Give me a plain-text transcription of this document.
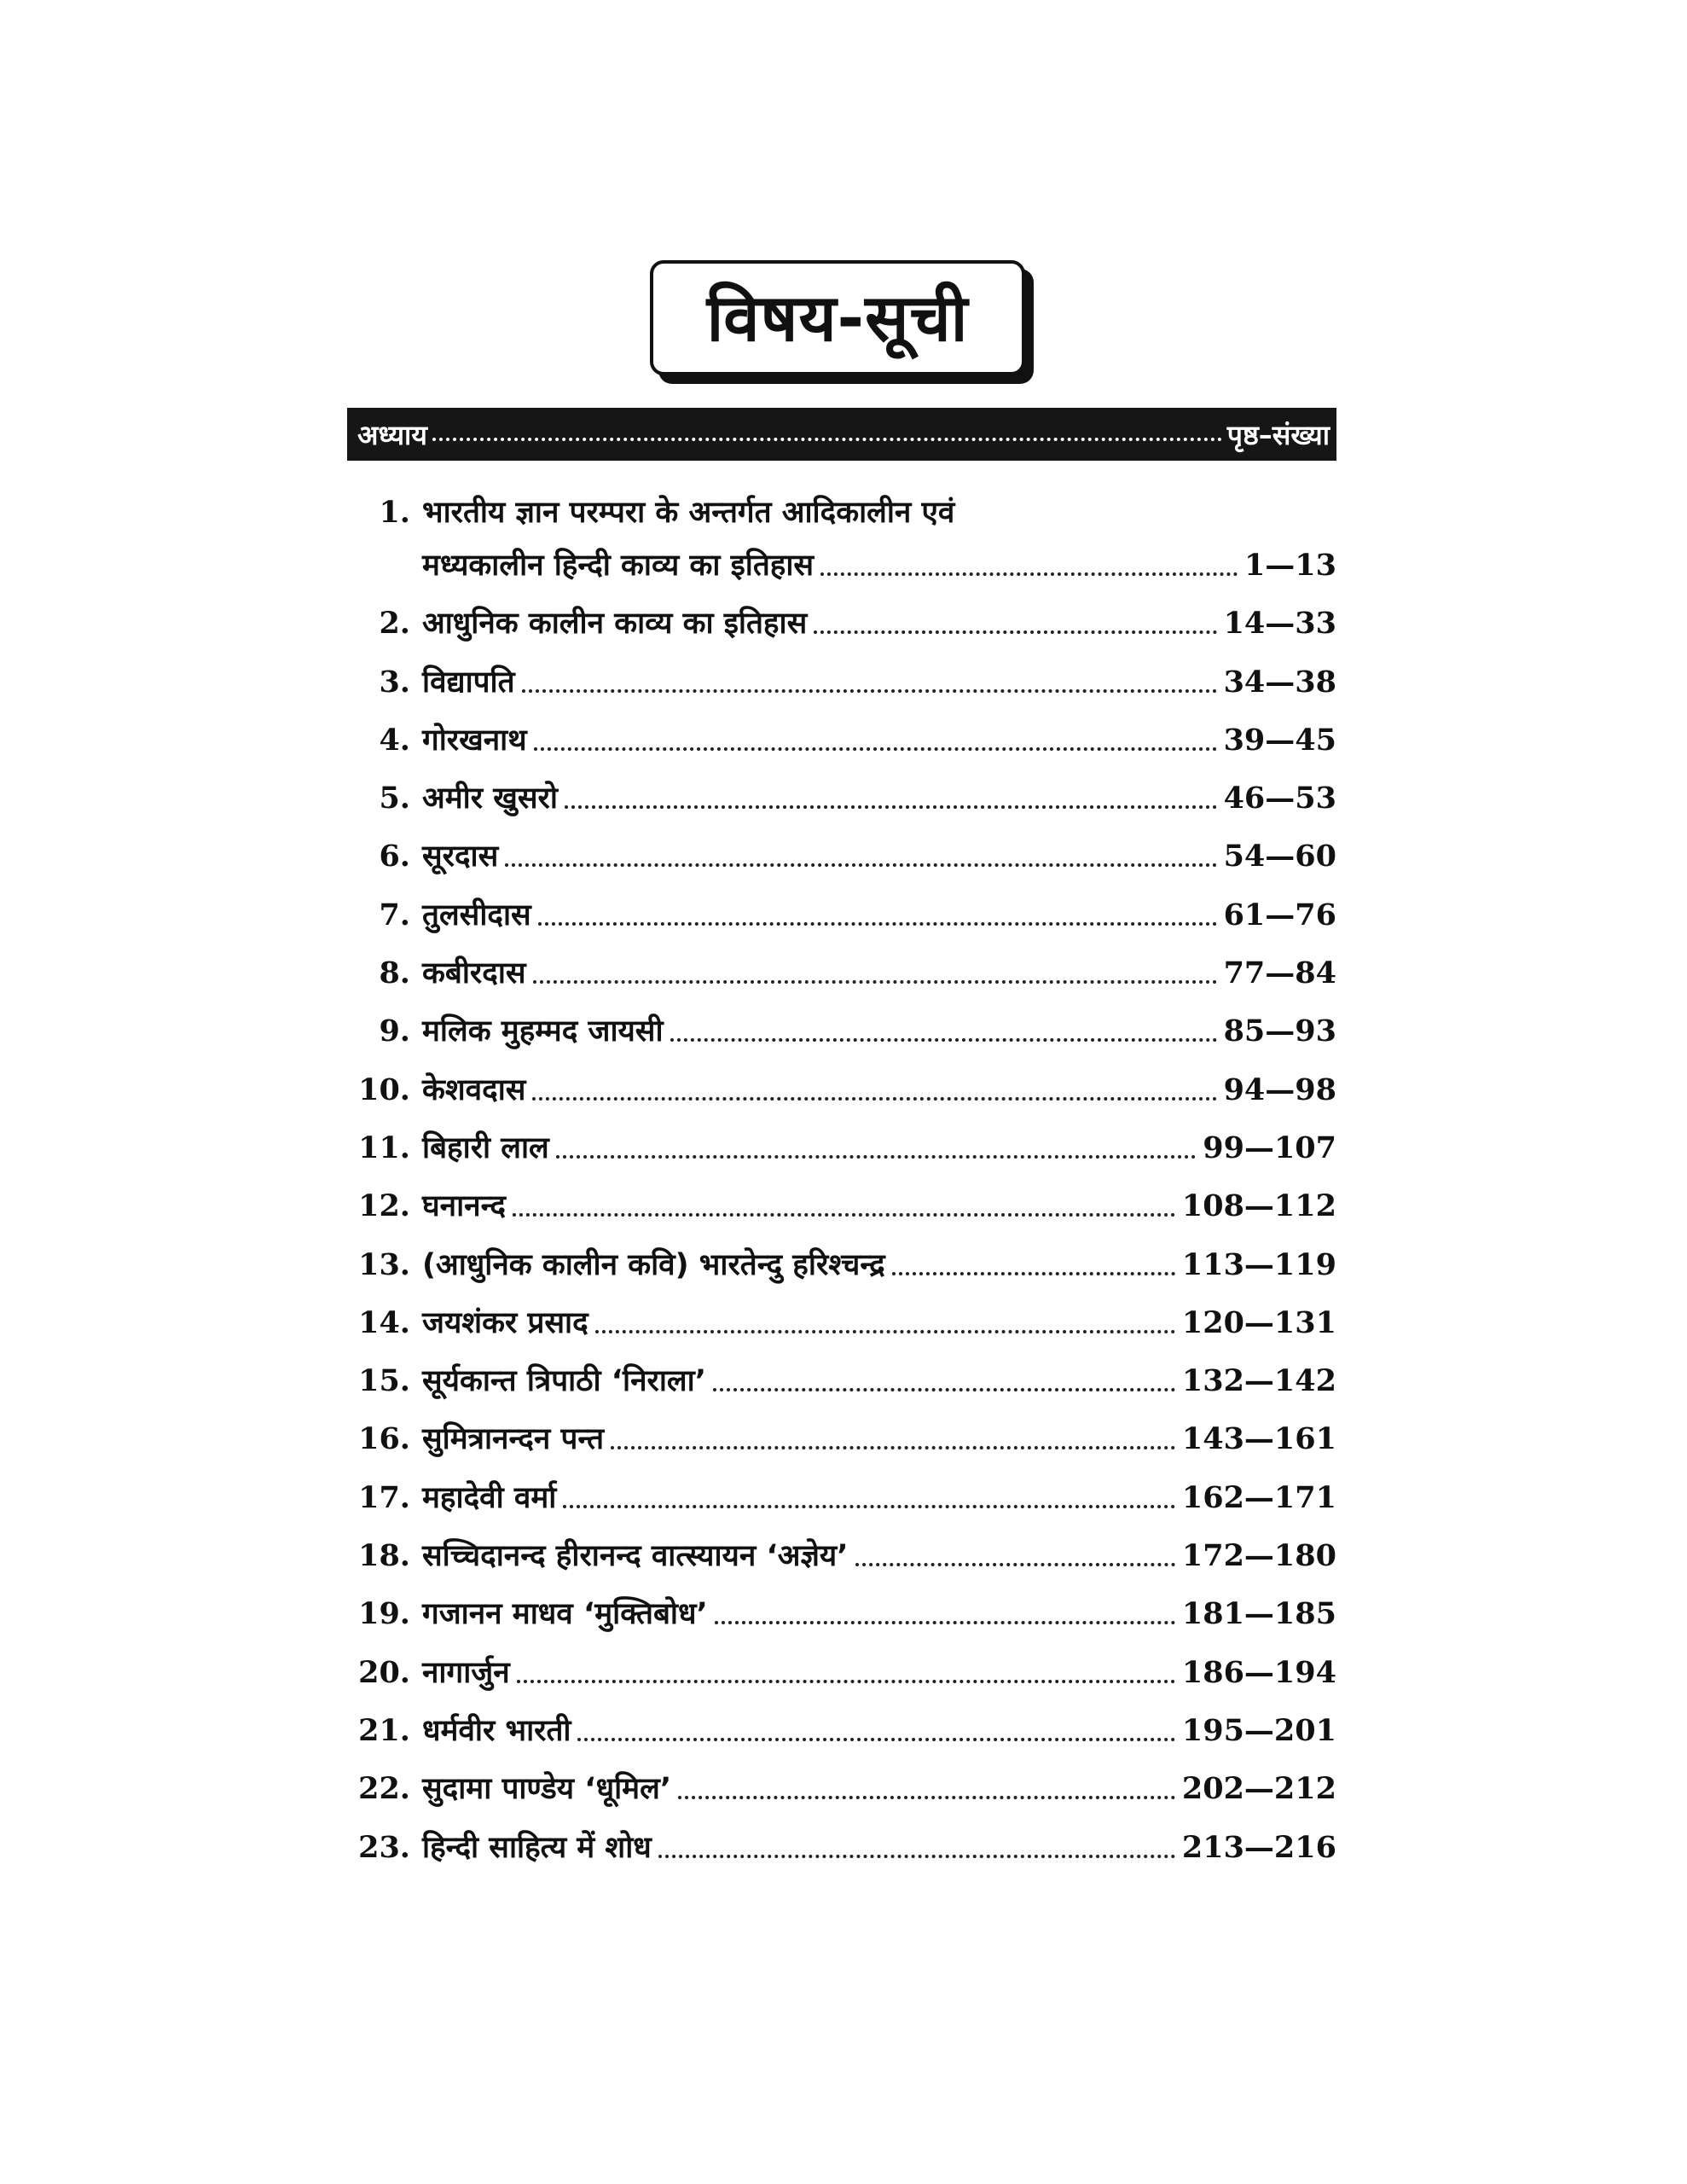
विषय-सूची
अध्याय	पृष्ठ–संख्या
1. भारतीय ज्ञान परम्परा के अन्तर्गत आदिकालीन एवं
मध्यकालीन हिन्दी काव्य का इतिहास	1—13
2. आधुनिक कालीन काव्य का इतिहास	14—33
3. विद्यापति	34—38
4. गोरखनाथ	39—45
5. अमीर खुसरो	46—53
6. सूरदास	54—60
7. तुलसीदास	61—76
8. कबीरदास	77—84
9. मलिक मुहम्मद जायसी	85—93
10. केशवदास	94—98
11. बिहारी लाल	99—107
12. घनानन्द	108—112
13. (आधुनिक कालीन कवि) भारतेन्दु हरिश्चन्द्र	113—119
14. जयशंकर प्रसाद	120—131
15. सूर्यकान्त त्रिपाठी ‘निराला’	132—142
16. सुमित्रानन्दन पन्त	143—161
17. महादेवी वर्मा	162—171
18. सच्चिदानन्द हीरानन्द वात्स्यायन ‘अज्ञेय’	172—180
19. गजानन माधव ‘मुक्तिबोध’	181—185
20. नागार्जुन	186—194
21. धर्मवीर भारती	195—201
22. सुदामा पाण्डेय ‘धूमिल’	202—212
23. हिन्दी साहित्य में शोध	213—216
